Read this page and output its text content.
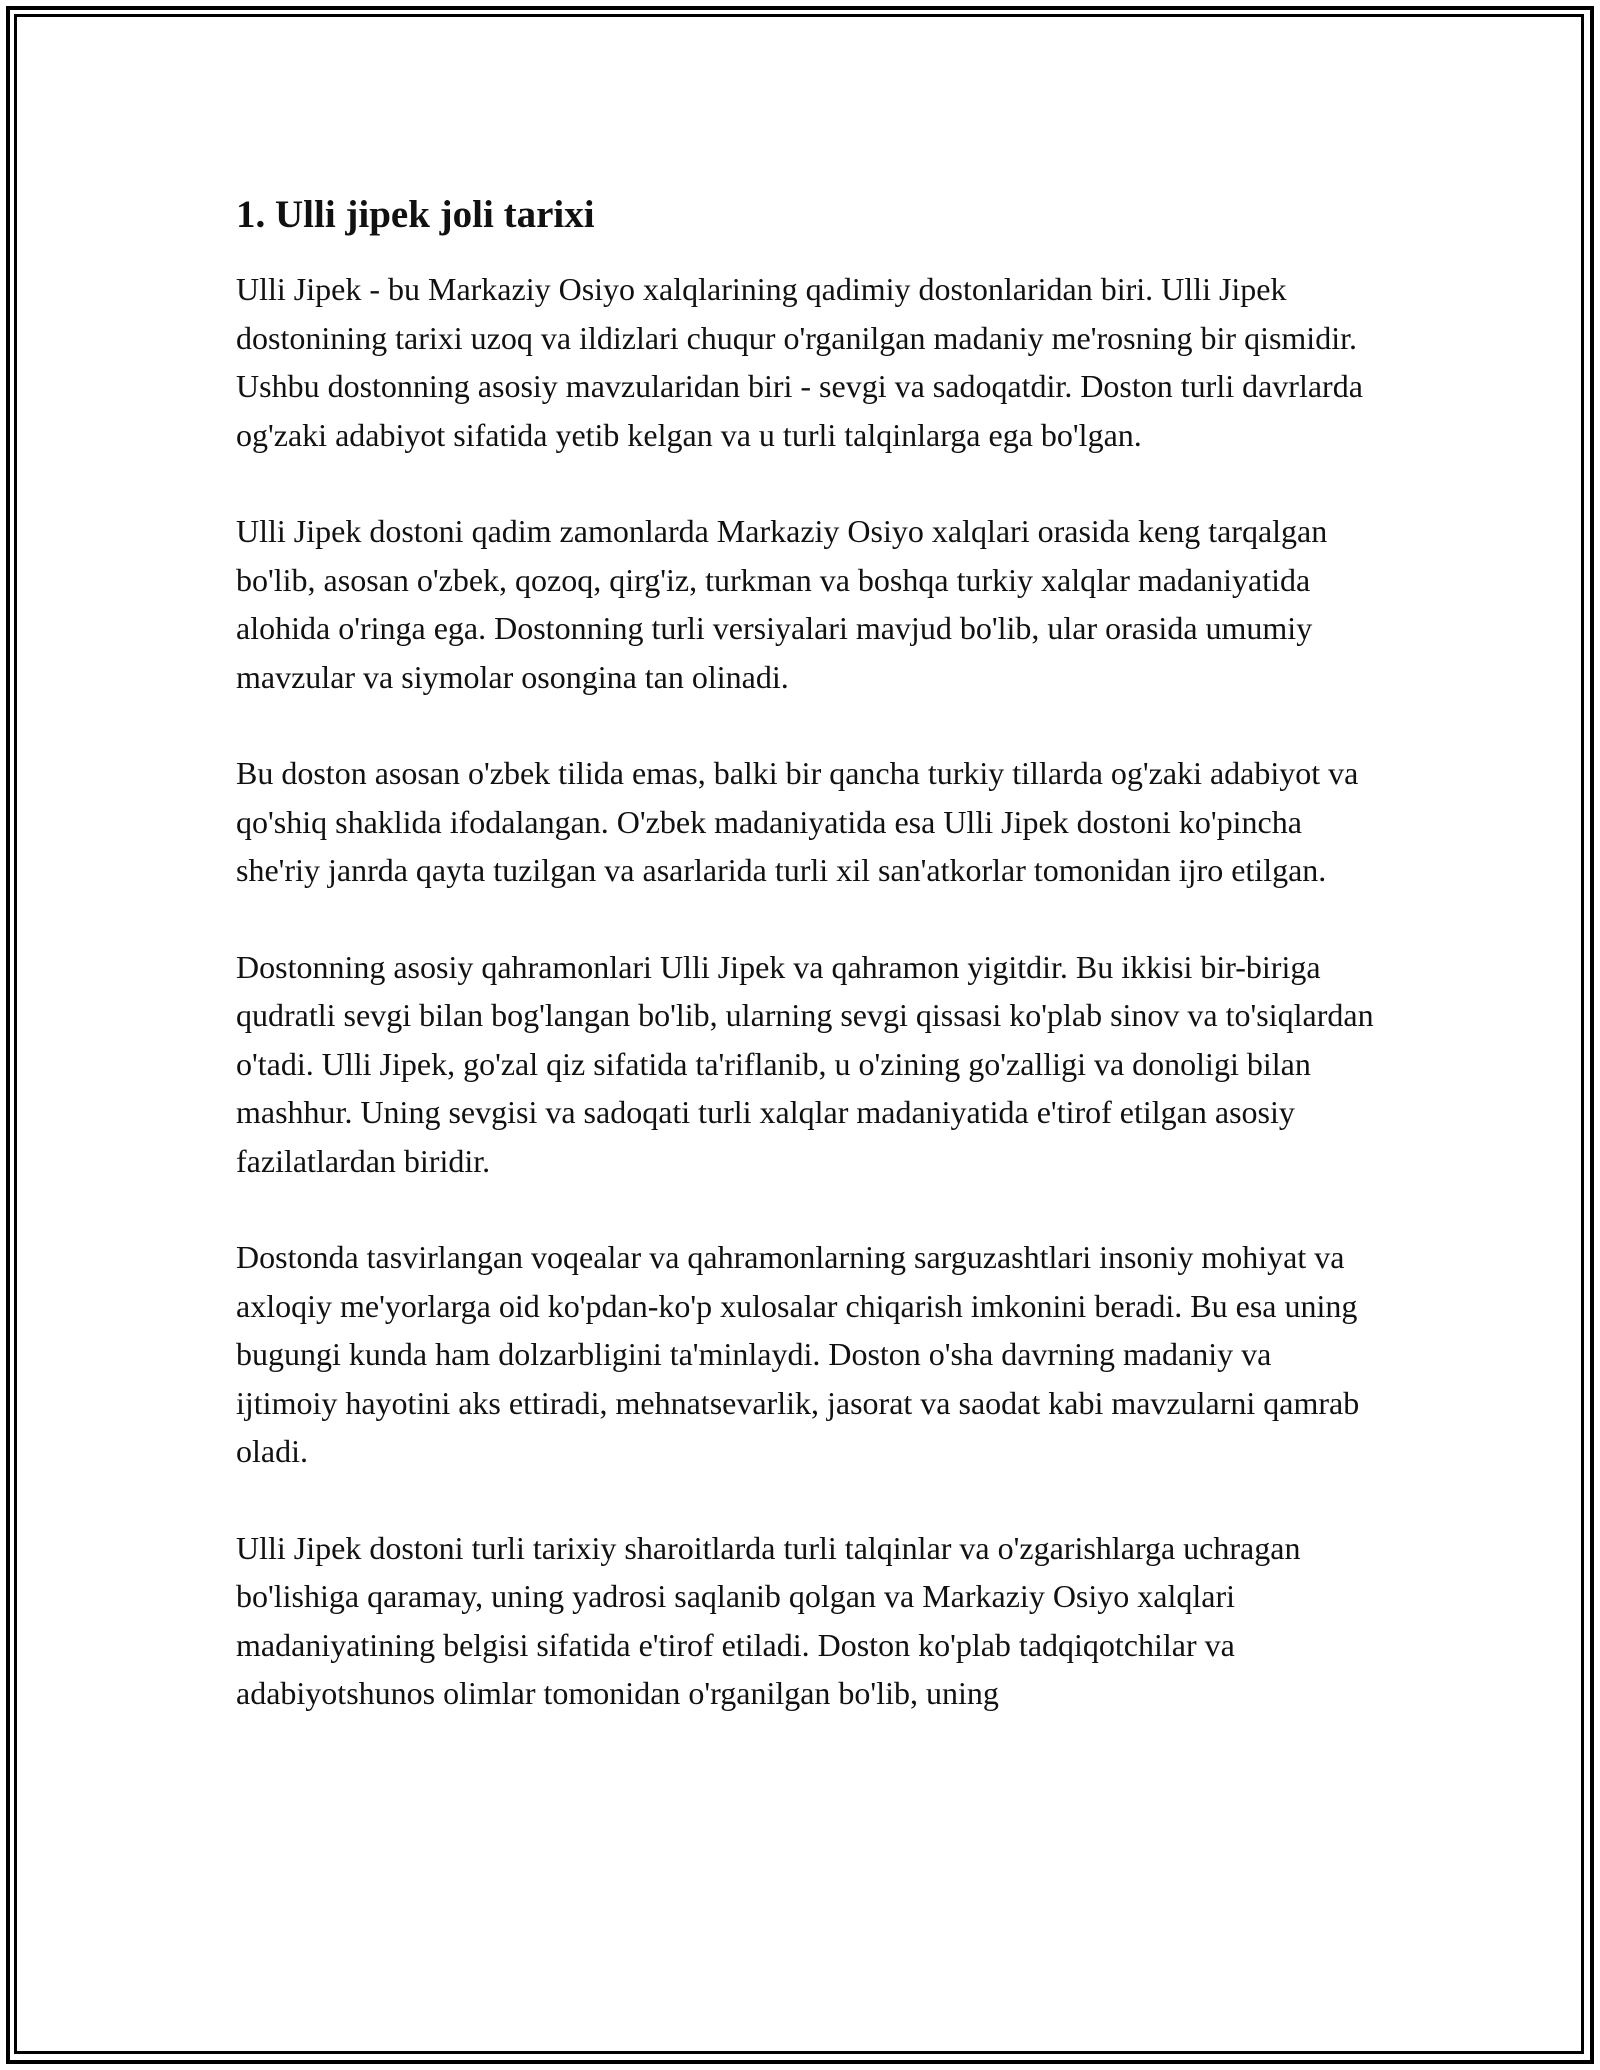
1. Ulli jipek joli tarixi

Ulli Jipek - bu Markaziy Osiyo xalqlarining qadimiy dostonlaridan biri. Ulli Jipek dostonining tarixi uzoq va ildizlari chuqur o'rganilgan madaniy me'rosning bir qismidir. Ushbu dostonning asosiy mavzularidan biri - sevgi va sadoqatdir. Doston turli davrlarda og'zaki adabiyot sifatida yetib kelgan va u turli talqinlarga ega bo'lgan.

Ulli Jipek dostoni qadim zamonlarda Markaziy Osiyo xalqlari orasida keng tarqalgan bo'lib, asosan o'zbek, qozoq, qirg'iz, turkman va boshqa turkiy xalqlar madaniyatida alohida o'ringa ega. Dostonning turli versiyalari mavjud bo'lib, ular orasida umumiy mavzular va siymolar osongina tan olinadi.

Bu doston asosan o'zbek tilida emas, balki bir qancha turkiy tillarda og'zaki adabiyot va qo'shiq shaklida ifodalangan. O'zbek madaniyatida esa Ulli Jipek dostoni ko'pincha she'riy janrda qayta tuzilgan va asarlarida turli xil san'atkorlar tomonidan ijro etilgan.

Dostonning asosiy qahramonlari Ulli Jipek va qahramon yigitdir. Bu ikkisi bir-biriga qudratli sevgi bilan bog'langan bo'lib, ularning sevgi qissasi ko'plab sinov va to'siqlardan o'tadi. Ulli Jipek, go'zal qiz sifatida ta'riflanib, u o'zining go'zalligi va donoligi bilan mashhur. Uning sevgisi va sadoqati turli xalqlar madaniyatida e'tirof etilgan asosiy fazilatlardan biridir.

Dostonda tasvirlangan voqealar va qahramonlarning sarguzashtlari insoniy mohiyat va axloqiy me'yorlarga oid ko'pdan-ko'p xulosalar chiqarish imkonini beradi. Bu esa uning bugungi kunda ham dolzarbligini ta'minlaydi. Doston o'sha davrning madaniy va ijtimoiy hayotini aks ettiradi, mehnatsevarlik, jasorat va saodat kabi mavzularni qamrab oladi.

Ulli Jipek dostoni turli tarixiy sharoitlarda turli talqinlar va o'zgarishlarga uchragan bo'lishiga qaramay, uning yadrosi saqlanib qolgan va Markaziy Osiyo xalqlari madaniyatining belgisi sifatida e'tirof etiladi. Doston ko'plab tadqiqotchilar va adabiyotshunos olimlar tomonidan o'rganilgan bo'lib, uning
